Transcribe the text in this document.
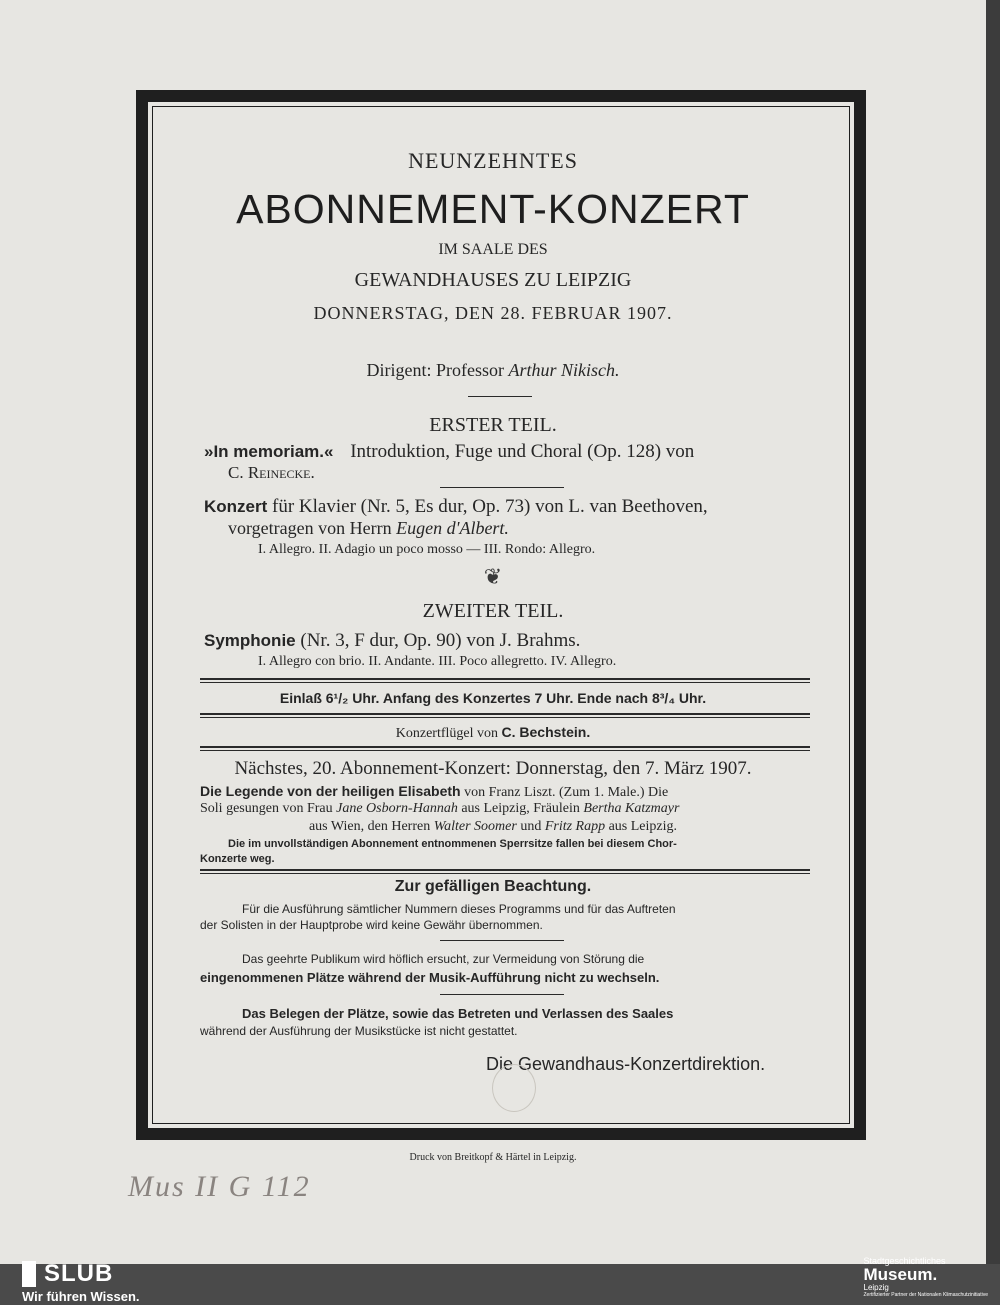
NEUNZEHNTES
ABONNEMENT-KONZERT
IM SAALE DES
GEWANDHAUSES ZU LEIPZIG
DONNERSTAG, DEN 28. FEBRUAR 1907.
Dirigent: Professor Arthur Nikisch.
ERSTER TEIL.
»In memoriam.« Introduktion, Fuge und Choral (Op. 128) von
C. Reinecke.
Konzert für Klavier (Nr. 5, Es dur, Op. 73) von L. van Beethoven,
vorgetragen von Herrn Eugen d'Albert.
I. Allegro. II. Adagio un poco mosso — III. Rondo: Allegro.
❦
ZWEITER TEIL.
Symphonie (Nr. 3, F dur, Op. 90) von J. Brahms.
I. Allegro con brio. II. Andante. III. Poco allegretto. IV. Allegro.
Einlaß 6¹/₂ Uhr. Anfang des Konzertes 7 Uhr. Ende nach 8³/₄ Uhr.
Konzertflügel von C. Bechstein.
Nächstes, 20. Abonnement-Konzert: Donnerstag, den 7. März 1907.
Die Legende von der heiligen Elisabeth von Franz Liszt. (Zum 1. Male.) Die
Soli gesungen von Frau Jane Osborn-Hannah aus Leipzig, Fräulein Bertha Katzmayr
aus Wien, den Herren Walter Soomer und Fritz Rapp aus Leipzig.
Die im unvollständigen Abonnement entnommenen Sperrsitze fallen bei diesem Chor-
Konzerte weg.
Zur gefälligen Beachtung.
Für die Ausführung sämtlicher Nummern dieses Programms und für das Auftreten
der Solisten in der Hauptprobe wird keine Gewähr übernommen.
Das geehrte Publikum wird höflich ersucht, zur Vermeidung von Störung die
eingenommenen Plätze während der Musik-Aufführung nicht zu wechseln.
Das Belegen der Plätze, sowie das Betreten und Verlassen des Saales
während der Ausführung der Musikstücke ist nicht gestattet.
Die Gewandhaus-Konzertdirektion.
Druck von Breitkopf & Härtel in Leipzig.
Mus II G 112
SLUB
Wir führen Wissen.
Stadtgeschichtliches
Museum.
Leipzig
Zertifizierter Partner der Nationalen Klimaschutzinitiative
